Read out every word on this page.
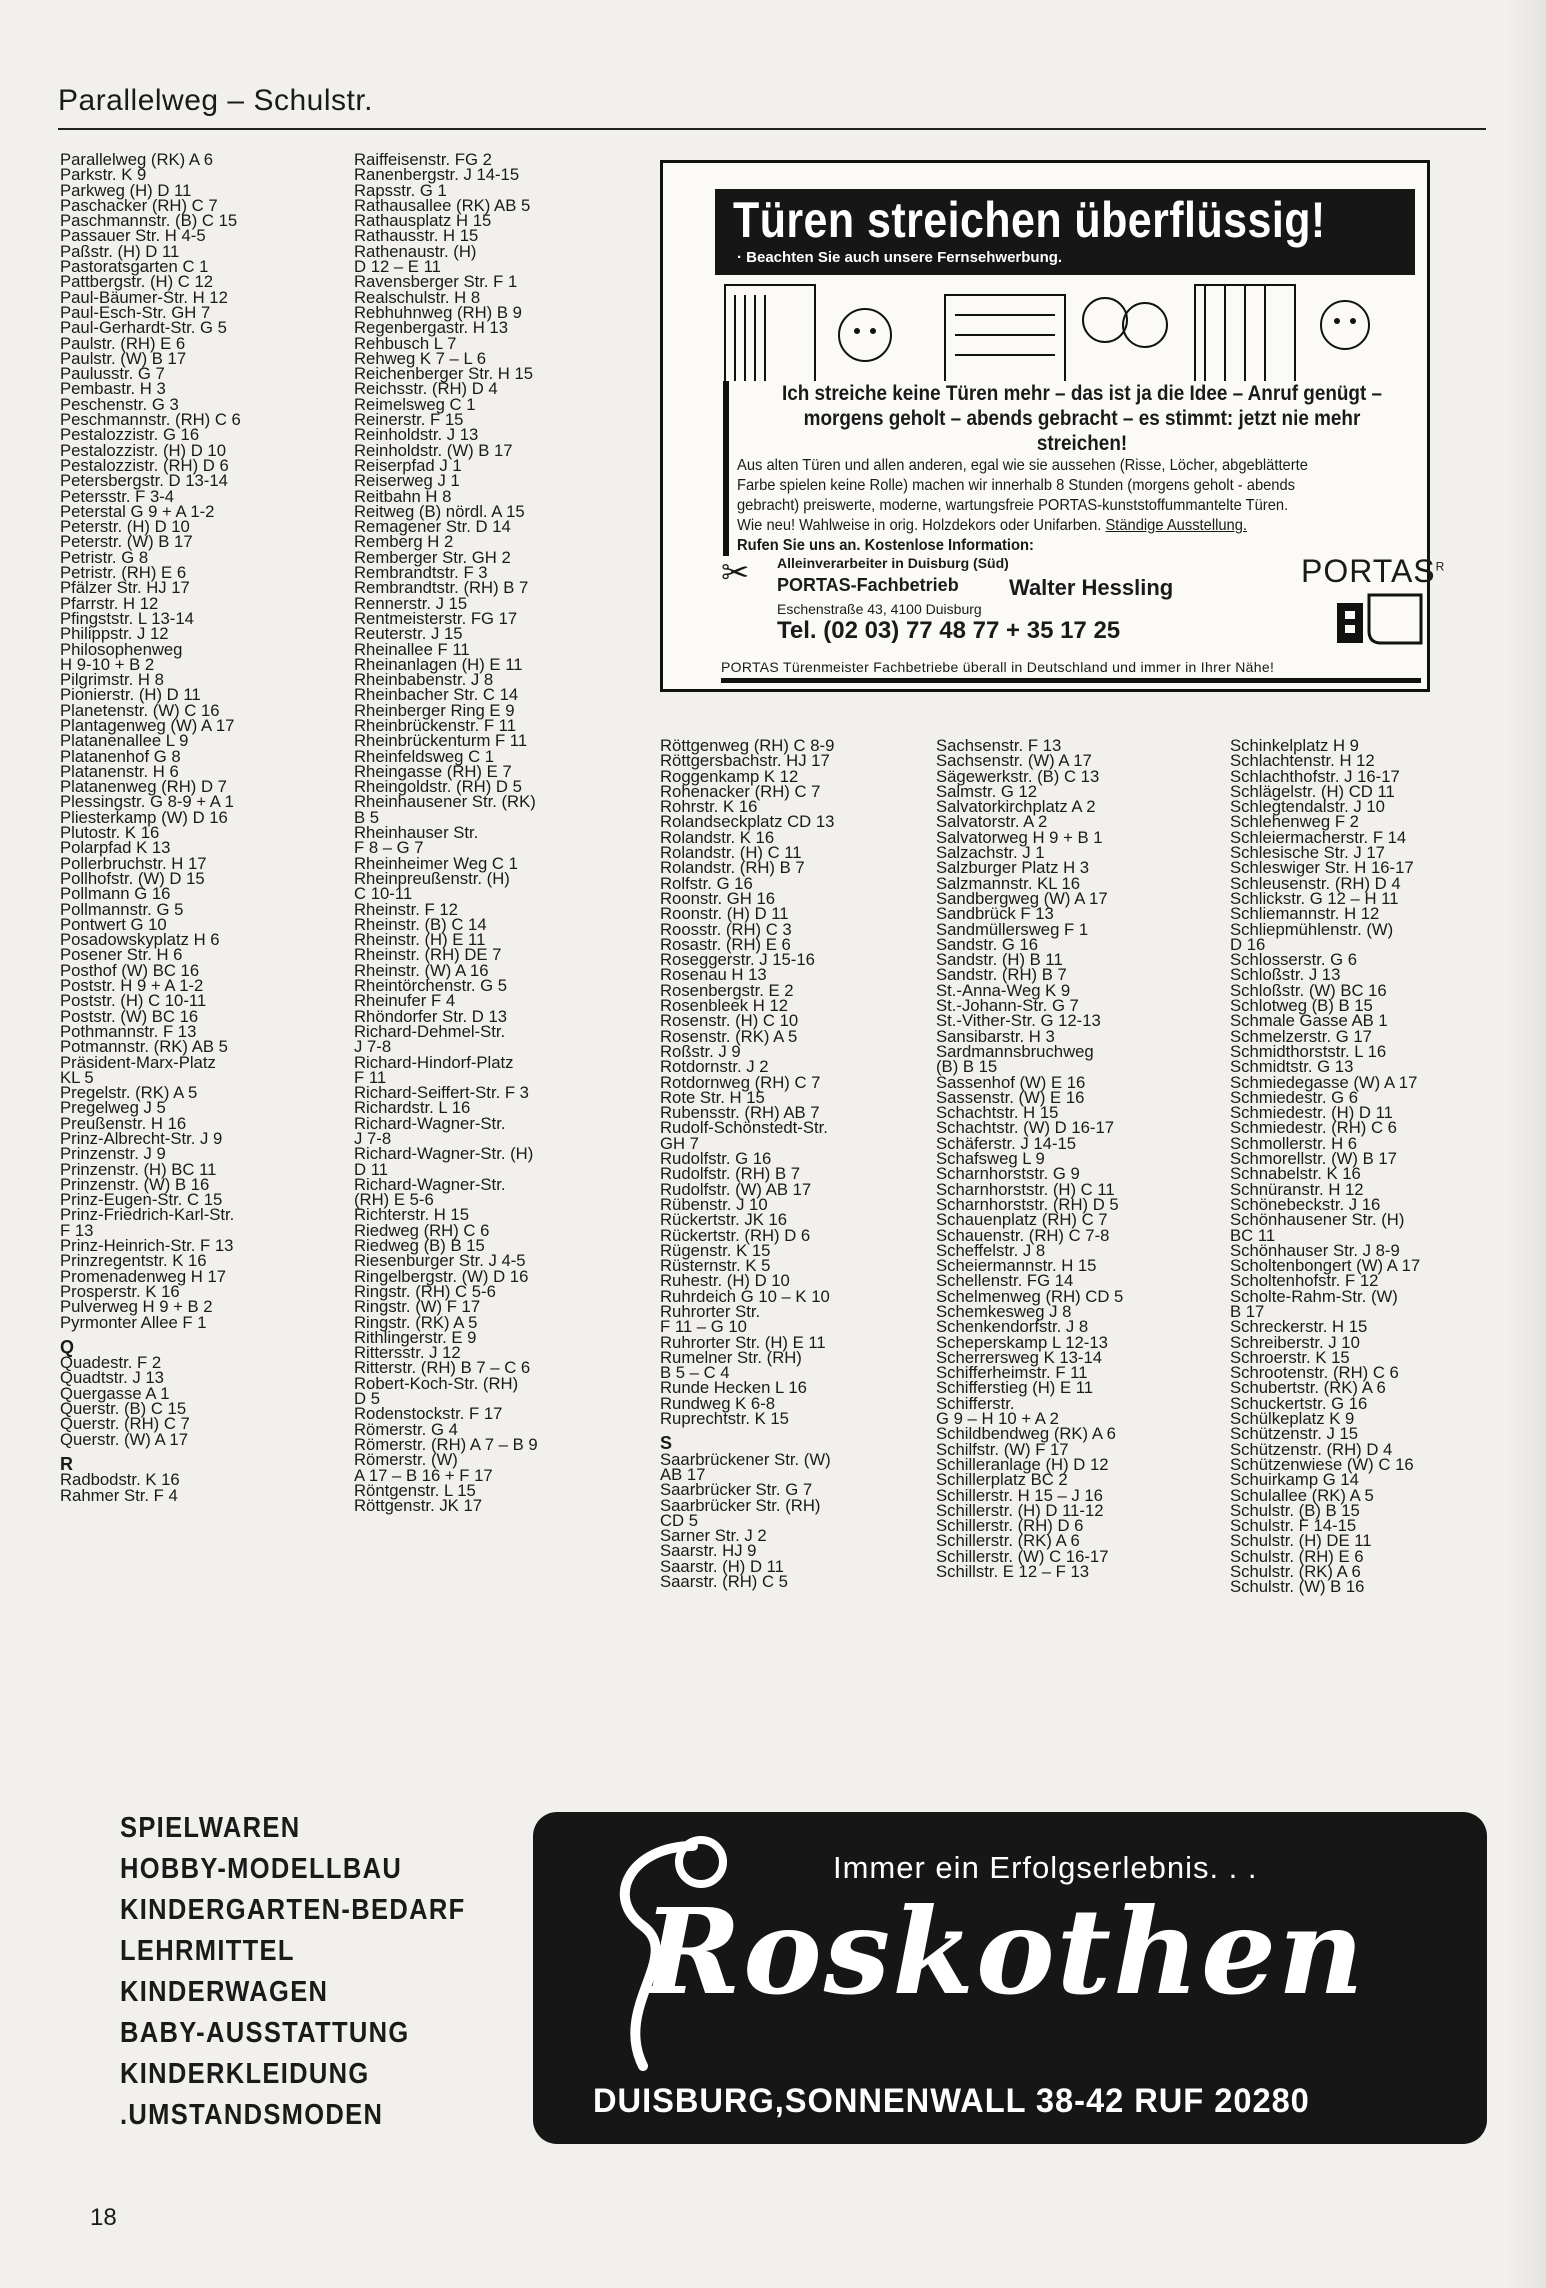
Parallelweg – Schulstr.
Parallelweg (RK) A 6
Parkstr. K 9
Parkweg (H) D 11
Paschacker (RH) C 7
Paschmannstr. (B) C 15
Passauer Str. H 4-5
Paßstr. (H) D 11
Pastoratsgarten C 1
Pattbergstr. (H) C 12
Paul-Bäumer-Str. H 12
Paul-Esch-Str. GH 7
Paul-Gerhardt-Str. G 5
Paulstr. (RH) E 6
Paulstr. (W) B 17
Paulusstr. G 7
Pembastr. H 3
Peschenstr. G 3
Peschmannstr. (RH) C 6
Pestalozzistr. G 16
Pestalozzistr. (H) D 10
Pestalozzistr. (RH) D 6
Petersbergstr. D 13-14
Petersstr. F 3-4
Peterstal G 9 + A 1-2
Peterstr. (H) D 10
Peterstr. (W) B 17
Petristr. G 8
Petristr. (RH) E 6
Pfälzer Str. HJ 17
Pfarrstr. H 12
Pfingststr. L 13-14
Philippstr. J 12
Philosophenweg
H 9-10 + B 2
Pilgrimstr. H 8
Pionierstr. (H) D 11
Planetenstr. (W) C 16
Plantagenweg (W) A 17
Platanenallee L 9
Platanenhof G 8
Platanenstr. H 6
Platanenweg (RH) D 7
Plessingstr. G 8-9 + A 1
Pliesterkamp (W) D 16
Plutostr. K 16
Polarpfad K 13
Pollerbruchstr. H 17
Pollhofstr. (W) D 15
Pollmann G 16
Pollmannstr. G 5
Pontwert G 10
Posadowskyplatz H 6
Posener Str. H 6
Posthof (W) BC 16
Poststr. H 9 + A 1-2
Poststr. (H) C 10-11
Poststr. (W) BC 16
Pothmannstr. F 13
Potmannstr. (RK) AB 5
Präsident-Marx-Platz
KL 5
Pregelstr. (RK) A 5
Pregelweg J 5
Preußenstr. H 16
Prinz-Albrecht-Str. J 9
Prinzenstr. J 9
Prinzenstr. (H) BC 11
Prinzenstr. (W) B 16
Prinz-Eugen-Str. C 15
Prinz-Friedrich-Karl-Str.
F 13
Prinz-Heinrich-Str. F 13
Prinzregentstr. K 16
Promenadenweg H 17
Prosperstr. K 16
Pulverweg H 9 + B 2
Pyrmonter Allee F 1
Q
Quadestr. F 2
Quadtstr. J 13
Quergasse A 1
Querstr. (B) C 15
Querstr. (RH) C 7
Querstr. (W) A 17
R
Radbodstr. K 16
Rahmer Str. F 4
Raiffeisenstr. FG 2
Ranenbergstr. J 14-15
Rapsstr. G 1
Rathausallee (RK) AB 5
Rathausplatz H 15
Rathausstr. H 15
Rathenaustr. (H)
D 12 – E 11
Ravensberger Str. F 1
Realschulstr. H 8
Rebhuhnweg (RH) B 9
Regenbergastr. H 13
Rehbusch L 7
Rehweg K 7 – L 6
Reichenberger Str. H 15
Reichsstr. (RH) D 4
Reimelsweg C 1
Reinerstr. F 15
Reinholdstr. J 13
Reinholdstr. (W) B 17
Reiserpfad J 1
Reiserweg J 1
Reitbahn H 8
Reitweg (B) nördl. A 15
Remagener Str. D 14
Remberg H 2
Remberger Str. GH 2
Rembrandtstr. F 3
Rembrandtstr. (RH) B 7
Rennerstr. J 15
Rentmeisterstr. FG 17
Reuterstr. J 15
Rheinallee F 11
Rheinanlagen (H) E 11
Rheinbabenstr. J 8
Rheinbacher Str. C 14
Rheinberger Ring E 9
Rheinbrückenstr. F 11
Rheinbrückenturm F 11
Rheinfeldsweg C 1
Rheingasse (RH) E 7
Rheingoldstr. (RH) D 5
Rheinhausener Str. (RK)
B 5
Rheinhauser Str.
F 8 – G 7
Rheinheimer Weg C 1
Rheinpreußenstr. (H)
C 10-11
Rheinstr. F 12
Rheinstr. (B) C 14
Rheinstr. (H) E 11
Rheinstr. (RH) DE 7
Rheinstr. (W) A 16
Rheintörchenstr. G 5
Rheinufer F 4
Rhöndorfer Str. D 13
Richard-Dehmel-Str.
J 7-8
Richard-Hindorf-Platz
F 11
Richard-Seiffert-Str. F 3
Richardstr. L 16
Richard-Wagner-Str.
J 7-8
Richard-Wagner-Str. (H)
D 11
Richard-Wagner-Str.
(RH) E 5-6
Richterstr. H 15
Riedweg (RH) C 6
Riedweg (B) B 15
Riesenburger Str. J 4-5
Ringelbergstr. (W) D 16
Ringstr. (RH) C 5-6
Ringstr. (W) F 17
Ringstr. (RK) A 5
Rithlingerstr. E 9
Rittersstr. J 12
Ritterstr. (RH) B 7 – C 6
Robert-Koch-Str. (RH)
D 5
Rodenstockstr. F 17
Römerstr. G 4
Römerstr. (RH) A 7 – B 9
Römerstr. (W)
A 17 – B 16 + F 17
Röntgenstr. L 15
Röttgenstr. JK 17
Röttgenweg (RH) C 8-9
Röttgersbachstr. HJ 17
Roggenkamp K 12
Rohenacker (RH) C 7
Rohrstr. K 16
Rolandseckplatz CD 13
Rolandstr. K 16
Rolandstr. (H) C 11
Rolandstr. (RH) B 7
Rolfstr. G 16
Roonstr. GH 16
Roonstr. (H) D 11
Roosstr. (RH) C 3
Rosastr. (RH) E 6
Roseggerstr. J 15-16
Rosenau H 13
Rosenbergstr. E 2
Rosenbleek H 12
Rosenstr. (H) C 10
Rosenstr. (RK) A 5
Roßstr. J 9
Rotdornstr. J 2
Rotdornweg (RH) C 7
Rote Str. H 15
Rubensstr. (RH) AB 7
Rudolf-Schönstedt-Str.
GH 7
Rudolfstr. G 16
Rudolfstr. (RH) B 7
Rudolfstr. (W) AB 17
Rübenstr. J 10
Rückertstr. JK 16
Rückertstr. (RH) D 6
Rügenstr. K 15
Rüsternstr. K 5
Ruhestr. (H) D 10
Ruhrdeich G 10 – K 10
Ruhrorter Str.
F 11 – G 10
Ruhrorter Str. (H) E 11
Rumelner Str. (RH)
B 5 – C 4
Runde Hecken L 16
Rundweg K 6-8
Ruprechtstr. K 15
S
Saarbrückener Str. (W)
AB 17
Saarbrücker Str. G 7
Saarbrücker Str. (RH)
CD 5
Sarner Str. J 2
Saarstr. HJ 9
Saarstr. (H) D 11
Saarstr. (RH) C 5
Sachsenstr. F 13
Sachsenstr. (W) A 17
Sägewerkstr. (B) C 13
Salmstr. G 12
Salvatorkirchplatz A 2
Salvatorstr. A 2
Salvatorweg H 9 + B 1
Salzachstr. J 1
Salzburger Platz H 3
Salzmannstr. KL 16
Sandbergweg (W) A 17
Sandbrück F 13
Sandmüllersweg F 1
Sandstr. G 16
Sandstr. (H) B 11
Sandstr. (RH) B 7
St.-Anna-Weg K 9
St.-Johann-Str. G 7
St.-Vither-Str. G 12-13
Sansibarstr. H 3
Sardmannsbruchweg
(B) B 15
Sassenhof (W) E 16
Sassenstr. (W) E 16
Schachtstr. H 15
Schachtstr. (W) D 16-17
Schäferstr. J 14-15
Schafsweg L 9
Scharnhorststr. G 9
Scharnhorststr. (H) C 11
Scharnhorststr. (RH) D 5
Schauenplatz (RH) C 7
Schauenstr. (RH) C 7-8
Scheffelstr. J 8
Scheiermannstr. H 15
Schellenstr. FG 14
Schelmenweg (RH) CD 5
Schemkesweg J 8
Schenkendorfstr. J 8
Scheperskamp L 12-13
Scherrersweg K 13-14
Schifferheimstr. F 11
Schifferstieg (H) E 11
Schifferstr.
G 9 – H 10 + A 2
Schildbendweg (RK) A 6
Schilfstr. (W) F 17
Schilleranlage (H) D 12
Schillerplatz BC 2
Schillerstr. H 15 – J 16
Schillerstr. (H) D 11-12
Schillerstr. (RH) D 6
Schillerstr. (RK) A 6
Schillerstr. (W) C 16-17
Schillstr. E 12 – F 13
Schinkelplatz H 9
Schlachtenstr. H 12
Schlachthofstr. J 16-17
Schlägelstr. (H) CD 11
Schlegtendalstr. J 10
Schlehenweg F 2
Schleiermacherstr. F 14
Schlesische Str. J 17
Schleswiger Str. H 16-17
Schleusenstr. (RH) D 4
Schlickstr. G 12 – H 11
Schliemannstr. H 12
Schliepmühlenstr. (W)
D 16
Schlosserstr. G 6
Schloßstr. J 13
Schloßstr. (W) BC 16
Schlotweg (B) B 15
Schmale Gasse AB 1
Schmelzerstr. G 17
Schmidthorststr. L 16
Schmidtstr. G 13
Schmiedegasse (W) A 17
Schmiedestr. G 6
Schmiedestr. (H) D 11
Schmiedestr. (RH) C 6
Schmollerstr. H 6
Schmorellstr. (W) B 17
Schnabelstr. K 16
Schnüranstr. H 12
Schönebeckstr. J 16
Schönhausener Str. (H)
BC 11
Schönhauser Str. J 8-9
Scholtenbongert (W) A 17
Scholtenhofstr. F 12
Scholte-Rahm-Str. (W)
B 17
Schreckerstr. H 15
Schreiberstr. J 10
Schroerstr. K 15
Schrootenstr. (RH) C 6
Schubertstr. (RK) A 6
Schuckertstr. G 16
Schülkeplatz K 9
Schützenstr. J 15
Schützenstr. (RH) D 4
Schützenwiese (W) C 16
Schuirkamp G 14
Schulallee (RK) A 5
Schulstr. (B) B 15
Schulstr. F 14-15
Schulstr. (H) DE 11
Schulstr. (RH) E 6
Schulstr. (RK) A 6
Schulstr. (W) B 16
Türen streichen überflüssig!
· Beachten Sie auch unsere Fernsehwerbung.
Ich streiche keine Türen mehr – das ist ja die Idee – Anruf genügt –
morgens geholt – abends gebracht – es stimmt: jetzt nie mehr streichen!
Aus alten Türen und allen anderen, egal wie sie aussehen (Risse, Löcher, abgeblätterte
Farbe spielen keine Rolle) machen wir innerhalb 8 Stunden (morgens geholt - abends
gebracht) preiswerte, moderne, wartungsfreie PORTAS-kunststoffummantelte Türen.
Wie neu! Wahlweise in orig. Holzdekors oder Unifarben. Ständige Ausstellung.
Rufen Sie uns an. Kostenlose Information:
✂ Alleinverarbeiter in Duisburg (Süd)
PORTAS-Fachbetrieb Walter Hessling
Eschenstraße 43, 4100 Duisburg
Tel. (02 03) 77 48 77 + 35 17 25
$PORTAS^R$
PORTAS Türenmeister Fachbetriebe überall in Deutschland und immer in Ihrer Nähe!
SPIELWAREN
HOBBY-MODELLBAU
KINDERGARTEN-BEDARF
LEHRMITTEL
KINDERWAGEN
BABY-AUSSTATTUNG
KINDERKLEIDUNG
.UMSTANDSMODEN
Immer ein Erfolgserlebnis. . .
Roskothen
DUISBURG,SONNENWALL 38-42 RUF 20280
18
